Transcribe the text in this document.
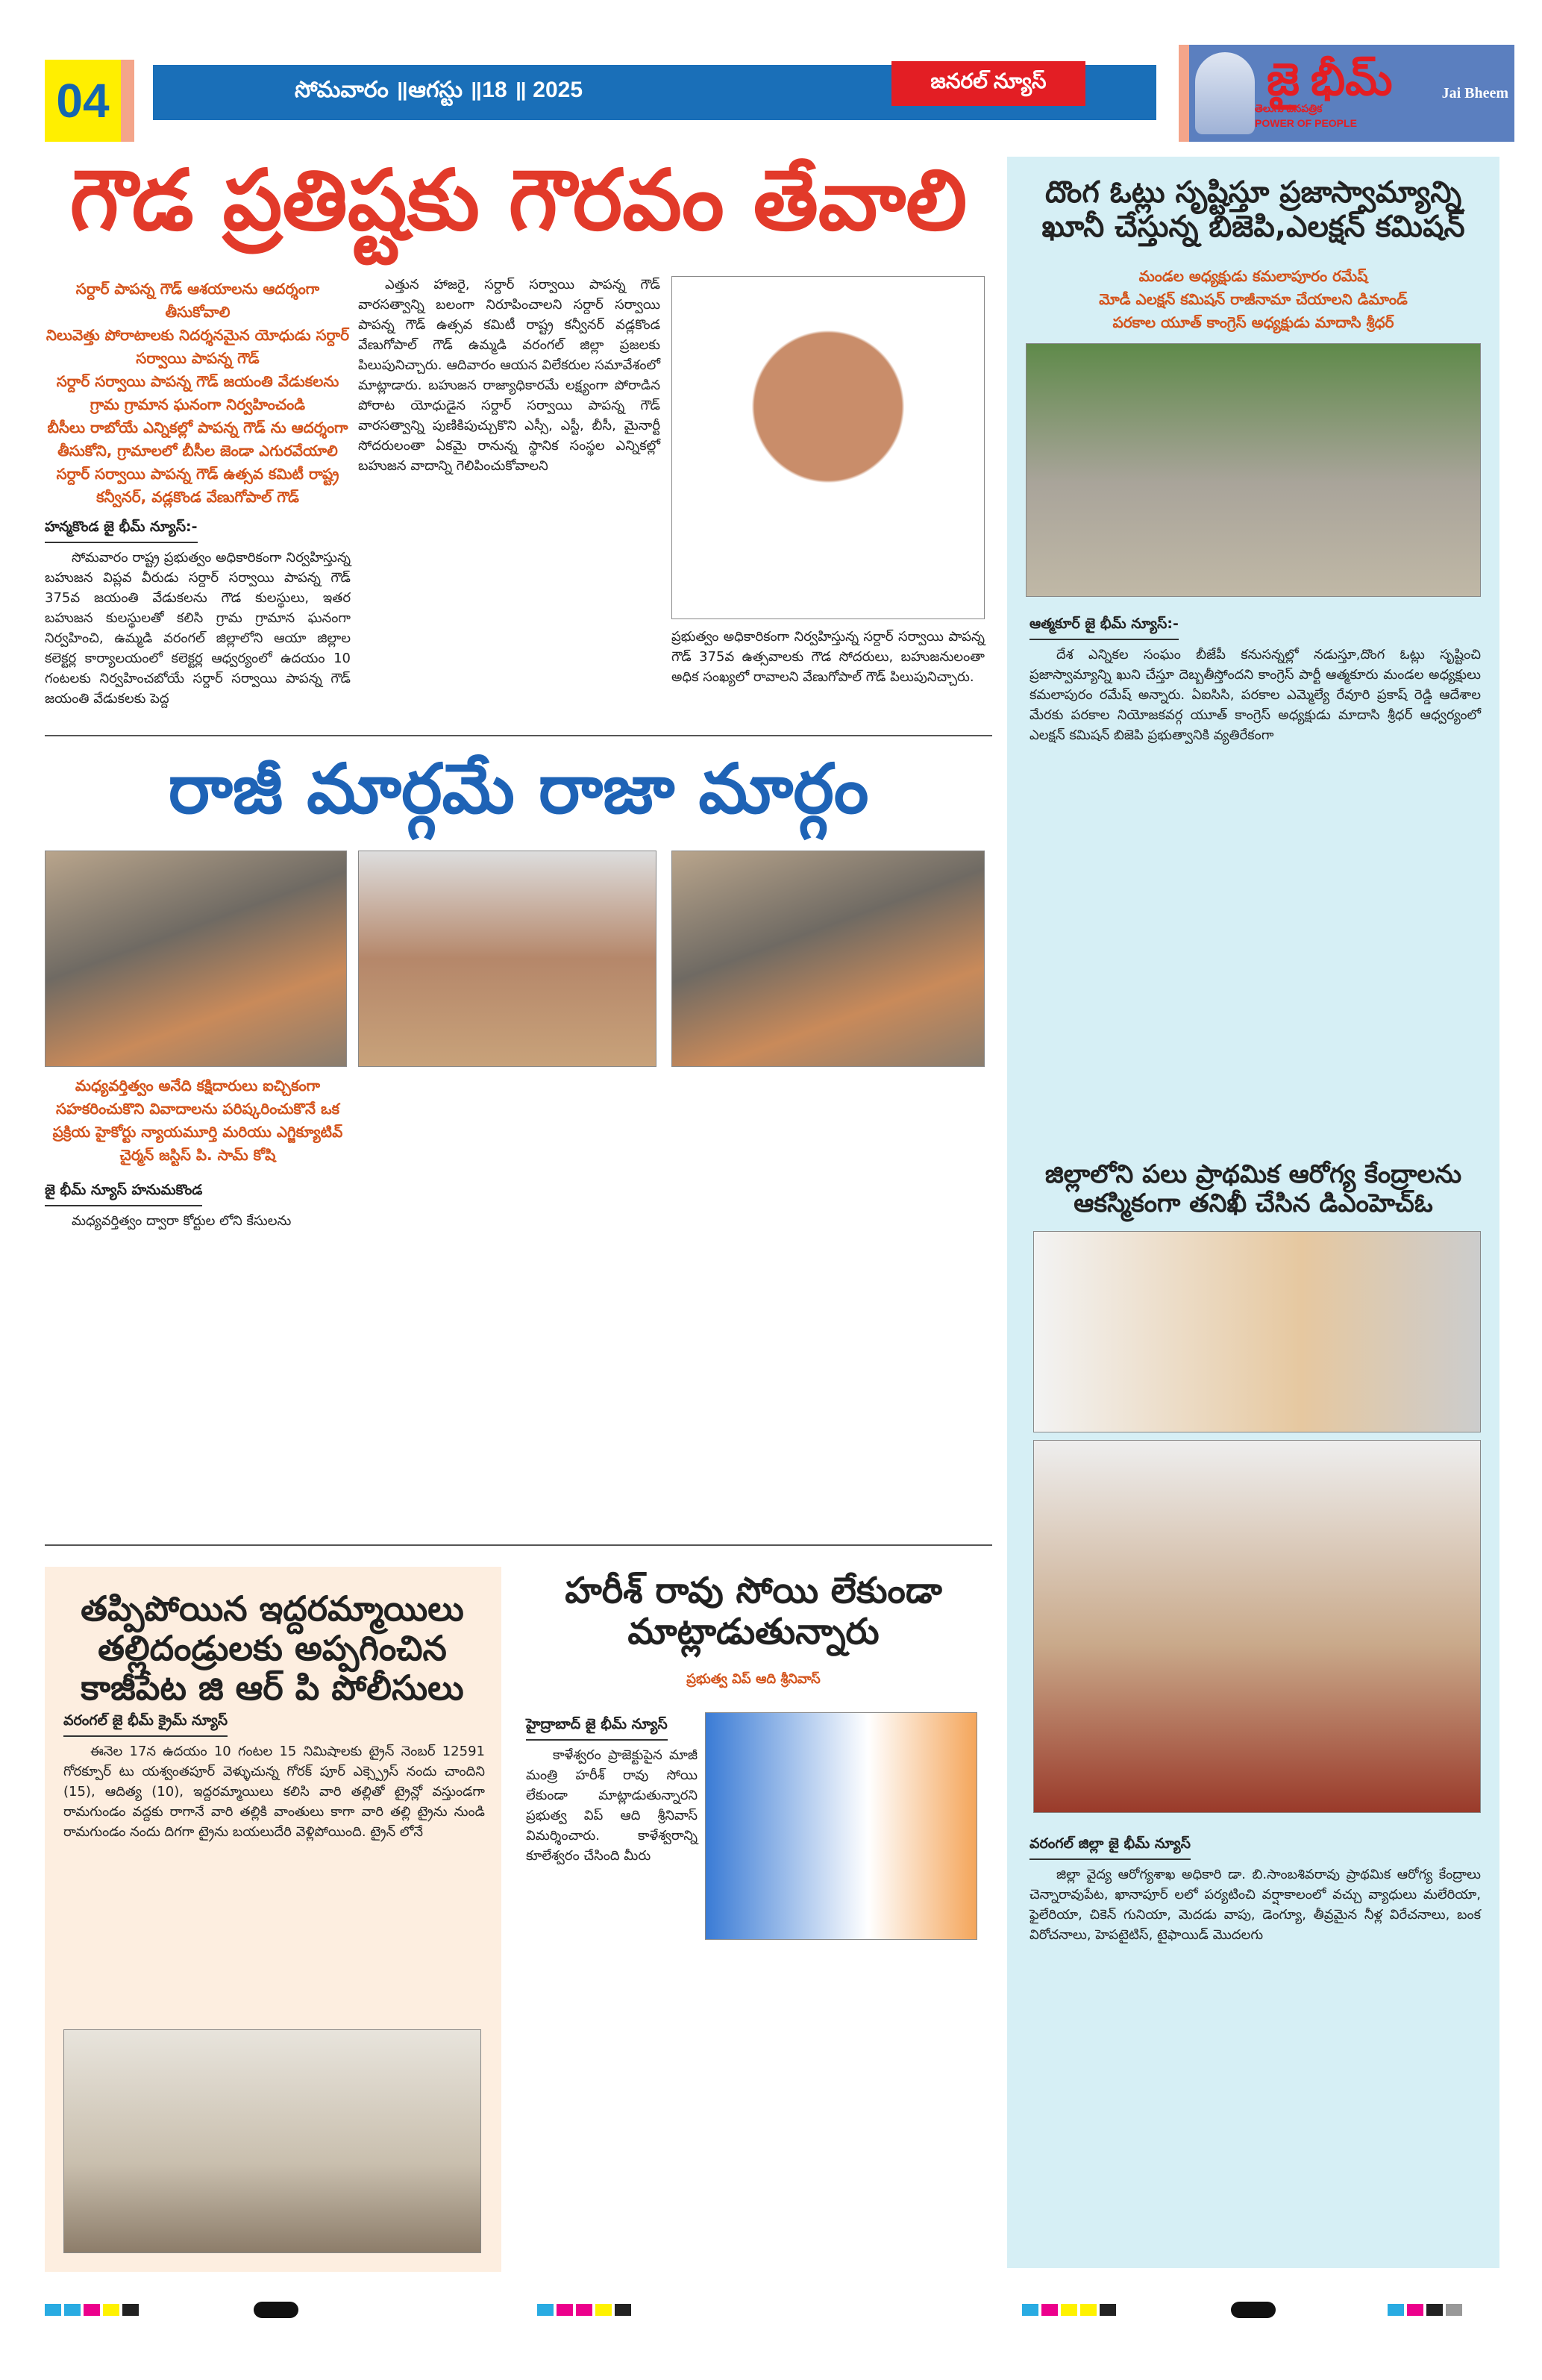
04	సోమవారం ॥ఆగస్టు ॥18 ॥ 2025	జనరల్ న్యూస్	జై భీమ్
తెలుగు దినపత్రిక
POWER OF PEOPLE
Jai Bheem
గౌడ ప్రతిష్టకు గౌరవం తేవాలి
సర్దార్ పాపన్న గౌడ్ ఆశయాలను ఆదర్శంగా తీసుకోవాలి
నిలువెత్తు పోరాటాలకు నిదర్శనమైన యోధుడు సర్దార్ సర్వాయి పాపన్న గౌడ్
సర్దార్ సర్వాయి పాపన్న గౌడ్ జయంతి వేడుకలను గ్రామ గ్రామాన ఘనంగా నిర్వహించండి
బీసీలు రాబోయే ఎన్నికల్లో పాపన్న గౌడ్ ను ఆదర్శంగా తీసుకోని, గ్రామాలలో బీసీల జెండా ఎగురవేయాలి
సర్దార్ సర్వాయి పాపన్న గౌడ్ ఉత్సవ కమిటీ రాష్ట్ర కన్వీనర్, వడ్లకొండ వేణుగోపాల్ గౌడ్
హన్మకొండ జై భీమ్ న్యూస్:-

సోమవారం రాష్ట్ర ప్రభుత్వం అధికారికంగా నిర్వహిస్తున్న బహుజన విప్లవ వీరుడు సర్దార్ సర్వాయి పాపన్న గౌడ్ 375వ జయంతి వేడుకలను గౌడ కులస్థులు, ఇతర బహుజన కులస్థులతో కలిసి గ్రామ గ్రామాన ఘనంగా నిర్వహించి, ఉమ్మడి వరంగల్ జిల్లాలోని ఆయా జిల్లాల కలెక్టర్ల కార్యాలయంలో కలెక్టర్ల ఆధ్వర్యంలో ఉదయం 10 గంటలకు నిర్వహించబోయే సర్దార్ సర్వాయి పాపన్న గౌడ్ జయంతి వేడుకలకు పెద్ద

ఎత్తున హాజరై, సర్దార్ సర్వాయి పాపన్న గౌడ్ వారసత్వాన్ని బలంగా నిరూపించాలని సర్దార్ సర్వాయి పాపన్న గౌడ్ ఉత్సవ కమిటీ రాష్ట్ర కన్వీనర్ వడ్లకొండ వేణుగోపాల్ గౌడ్ ఉమ్మడి వరంగల్ జిల్లా ప్రజలకు పిలుపునిచ్చారు. ఆదివారం ఆయన విలేకరుల సమావేశంలో మాట్లాడారు. బహుజన రాజ్యాధికారమే లక్ష్యంగా పోరాడిన పోరాట యోధుడైన సర్దార్ సర్వాయి పాపన్న గౌడ్ వారసత్వాన్ని పుణికిపుచ్చుకొని ఎస్సీ, ఎస్టీ, బీసీ, మైనార్టీ సోదరులంతా ఏకమై రానున్న స్థానిక సంస్థల ఎన్నికల్లో బహుజన వాదాన్ని గెలిపించుకోవాలని

ప్రభుత్వం అధికారికంగా నిర్వహిస్తున్న సర్దార్ సర్వాయి పాపన్న గౌడ్ 375వ ఉత్సవాలకు గౌడ సోదరులు, బహుజనులంతా అధిక సంఖ్యలో రావాలని వేణుగోపాల్ గౌడ్ పిలుపునిచ్చారు.

రాజీ మార్గమే రాజా మార్గం
మధ్యవర్తిత్వం అనేది కక్షిదారులు ఐచ్చికంగా సహకరించుకొని వివాదాలను పరిష్కరించుకొనే ఒక ప్రక్రియ హైకోర్టు న్యాయమూర్తి మరియు ఎగ్జిక్యూటివ్ చైర్మన్ జస్టిస్ పి. సామ్ కోషి
జై భీమ్ న్యూస్ హనుమకొండ

మధ్యవర్తిత్వం ద్వారా కోర్టుల లోని కేసులను

తప్పిపోయిన ఇద్దరమ్మాయిలు తల్లిదండ్రులకు అప్పగించిన కాజీపేట జి ఆర్ పి పోలీసులు
వరంగల్ జై భీమ్ క్రైమ్ న్యూస్

ఈనెల 17న ఉదయం 10 గంటల 15 నిమిషాలకు ట్రైన్ నెంబర్ 12591 గోరక్పూర్ టు యశ్వంతపూర్ వెళ్ళుచున్న గోరక్ పూర్ ఎక్స్ప్రెస్ నందు చాందిని (15), ఆదిత్య (10), ఇద్దరమ్మాయిలు కలిసి వారి తల్లితో ట్రైన్లో వస్తుండగా రామగుండం వద్దకు రాగానే వారి తల్లికి వాంతులు కాగా వారి తల్లి ట్రైను నుండి రామగుండం నందు దిగగా ట్రైను బయలుదేరి వెళ్లిపోయింది. ట్రైన్ లోనే

హరీశ్ రావు సోయి లేకుండా మాట్లాడుతున్నారు
ప్రభుత్వ విప్ ఆది శ్రీనివాస్
హైద్రాబాద్ జై భీమ్ న్యూస్

కాళేశ్వరం ప్రాజెక్టుపైన మాజీ మంత్రి హరీశ్ రావు సోయి లేకుండా మాట్లాడుతున్నారని ప్రభుత్వ విప్ ఆది శ్రీనివాస్ విమర్శించారు. కాళేశ్వరాన్ని కూలేశ్వరం చేసింది మీరు

దొంగ ఓట్లు సృష్టిస్తూ ప్రజాస్వామ్యాన్ని ఖూనీ చేస్తున్న బిజెపి,ఎలక్షన్ కమిషన్
మండల అధ్యక్షుడు కమలాపూరం రమేష్
మోడీ ఎలక్షన్ కమిషన్ రాజీనామా చేయాలని డిమాండ్
పరకాల యూత్ కాంగ్రెస్ అధ్యక్షుడు మాదాసి శ్రీధర్
ఆత్మకూర్ జై భీమ్ న్యూస్:-

దేశ ఎన్నికల సంఘం బీజేపీ కనుసన్నల్లో నడుస్తూ,దొంగ ఓట్లు సృష్టించి ప్రజాస్వామ్యాన్ని ఖుని చేస్తూ దెబ్బతీస్తోందని కాంగ్రెస్ పార్టీ ఆత్మకూరు మండల అధ్యక్షులు కమలాపురం రమేష్ అన్నారు. ఏఐసిసి, పరకాల ఎమ్మెల్యే రేవూరి ప్రకాష్ రెడ్డి ఆదేశాల మేరకు పరకాల నియోజకవర్గ యూత్ కాంగ్రెస్ అధ్యక్షుడు మాదాసి శ్రీధర్ ఆధ్వర్యంలో ఎలక్షన్ కమిషన్ బిజెపి ప్రభుత్వానికి వ్యతిరేకంగా

జిల్లాలోని పలు ప్రాథమిక ఆరోగ్య కేంద్రాలను ఆకస్మికంగా తనిఖీ చేసిన డిఎంహెచ్ఓ
వరంగల్ జిల్లా జై భీమ్ న్యూస్

జిల్లా వైద్య ఆరోగ్యశాఖ అధికారి డా. బి.సాంబశివరావు ప్రాథమిక ఆరోగ్య కేంద్రాలు చెన్నారావుపేట, ఖానాపూర్ లలో పర్యటించి వర్షాకాలంలో వచ్చు వ్యాధులు మలేరియా, ఫైలేరియా, చికెన్ గునియా, మెదడు వాపు, డెంగ్యూ, తీవ్రమైన నీళ్ల విరేచనాలు, బంక విరోచనాలు, హెపటైటిస్, టైఫాయిడ్ మొదలగు
